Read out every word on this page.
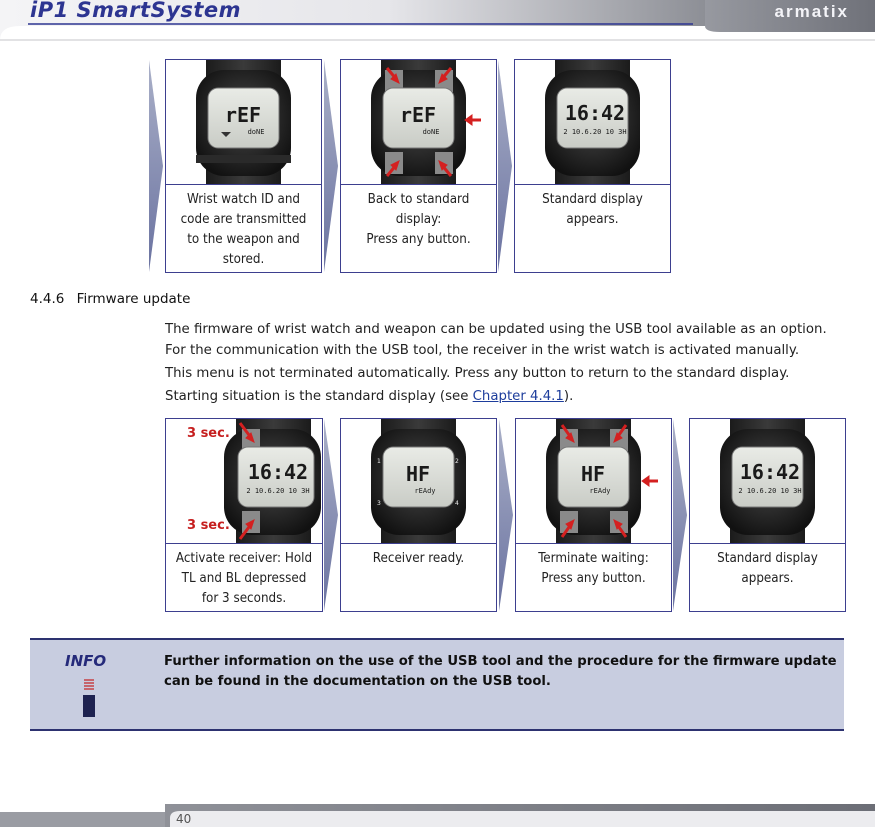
iP1 SmartSystem	armatix
rEF
doNE
Wrist watch ID and
code are transmitted
to the weapon and
stored.
rEF
doNE
Back to standard
display:
Press any button.
16:42
2 10.6.20 10 3H
Standard display
appears.
4.4.6 Firmware update
The firmware of wrist watch and weapon can be updated using the USB tool available as an option.
For the communication with the USB tool, the receiver in the wrist watch is activated manually.
This menu is not terminated automatically. Press any button to return to the standard display.
Starting situation is the standard display (see Chapter 4.4.1).
16:42
2 10.6.20 10 3H
Activate receiver: Hold
TL and BL depressed
for 3 seconds.
3 sec.
3 sec.
HF
rEAdy
1	2
3	4
Receiver ready.
HF
rEAdy
Terminate waiting:
Press any button.
16:42
2 10.6.20 10 3H
Standard display
appears.
INFO	Further information on the use of the USB tool and the procedure for the firmware update
can be found in the documentation on the USB tool.
40
